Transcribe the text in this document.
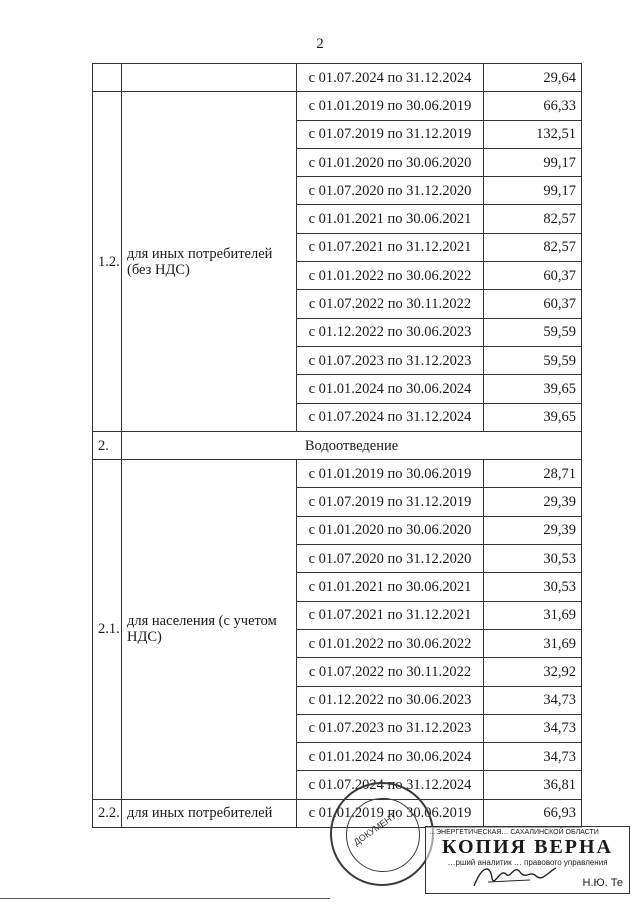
2
		с 01.07.2024 по 31.12.2024	29,64
1.2.	для иных потребителей (без НДС)	с 01.01.2019 по 30.06.2019	66,33
		с 01.07.2019 по 31.12.2019	132,51
		с 01.01.2020 по 30.06.2020	99,17
		с 01.07.2020 по 31.12.2020	99,17
		с 01.01.2021 по 30.06.2021	82,57
		с 01.07.2021 по 31.12.2021	82,57
		с 01.01.2022 по 30.06.2022	60,37
		с 01.07.2022 по 30.11.2022	60,37
		с 01.12.2022 по 30.06.2023	59,59
		с 01.07.2023 по 31.12.2023	59,59
		с 01.01.2024 по 30.06.2024	39,65
		с 01.07.2024 по 31.12.2024	39,65
2.	Водоотведение		
2.1.	для населения (с учетом НДС)	с 01.01.2019 по 30.06.2019	28,71
		с 01.07.2019 по 31.12.2019	29,39
		с 01.01.2020 по 30.06.2020	29,39
		с 01.07.2020 по 31.12.2020	30,53
		с 01.01.2021 по 30.06.2021	30,53
		с 01.07.2021 по 31.12.2021	31,69
		с 01.01.2022 по 30.06.2022	31,69
		с 01.07.2022 по 30.11.2022	32,92
		с 01.12.2022 по 30.06.2023	34,73
		с 01.07.2023 по 31.12.2023	34,73
		с 01.01.2024 по 30.06.2024	34,73
		с 01.07.2024 по 31.12.2024	36,81
2.2.	для иных потребителей	с 01.01.2019 по 30.06.2019	66,93
ДОКУМЕНТ	…ЭНЕРГЕТИЧЕСКАЯ… САХАЛИНСКОЙ ОБЛАСТИ
КОПИЯ ВЕРНА
…рший аналитик … правового управления
Н.Ю. Те
